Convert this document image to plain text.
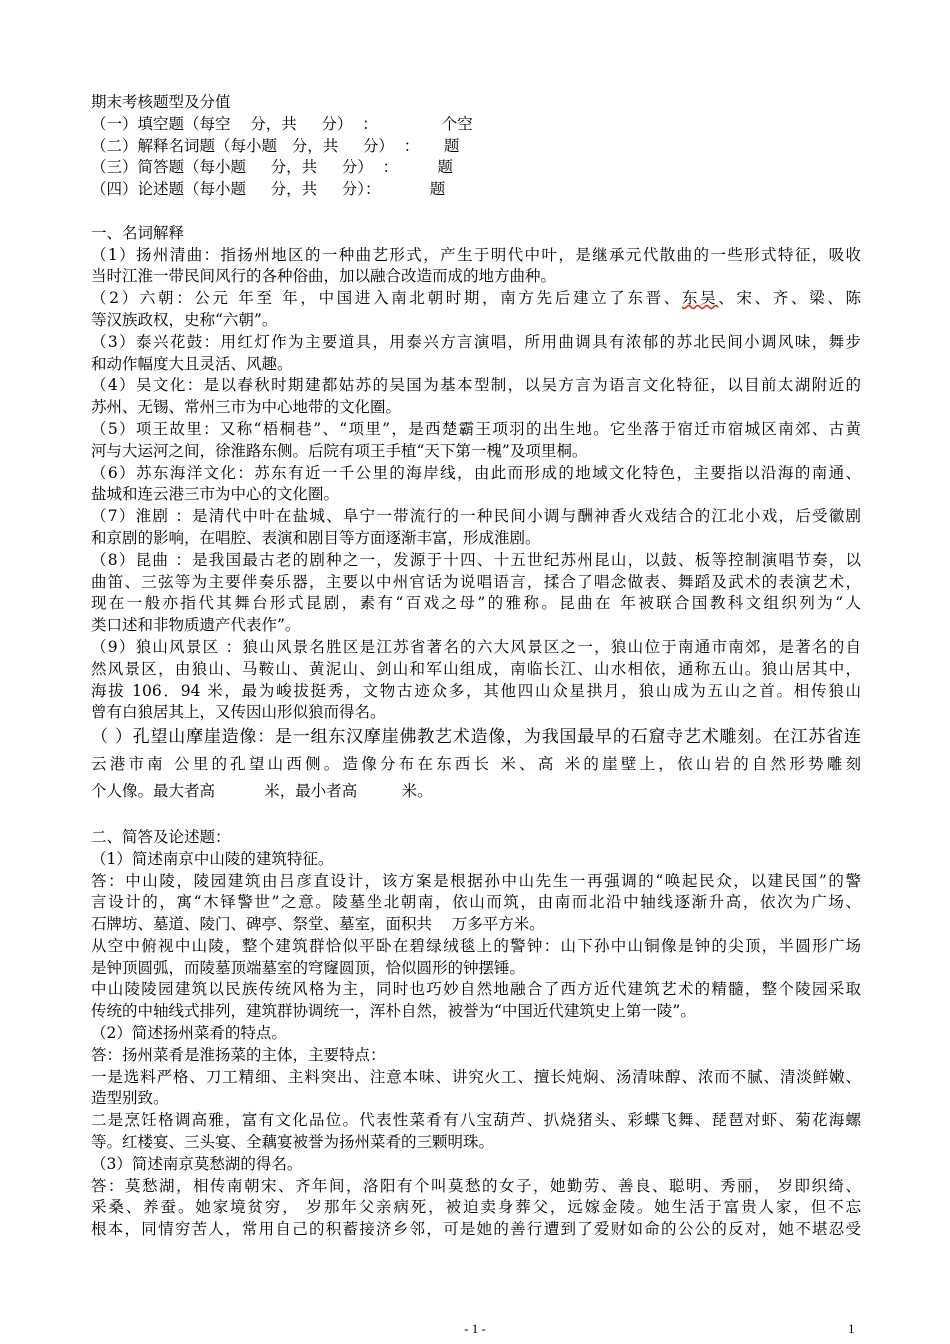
期末考核题型及分值
（一）填空题（每空    分，共     分）  ：             个空
（二）解释名词题（每小题   分，共     分）  ：     题
（三）简答题（每小题     分，共     分）  ：        题
（四）论述题（每小题     分，共     分）：          题
一、名词解释
（1）扬州清曲：指扬州地区的一种曲艺形式，产生于明代中叶，是继承元代散曲的一些形式特征，吸收
当时江淮一带民间风行的各种俗曲，加以融合改造而成的地方曲种。
（2）六朝：公元 年至 年，中国进入南北朝时期，南方先后建立了东晋、东吴、宋、齐、梁、陈
等汉族政权，史称“六朝”。
（3）泰兴花鼓：用红灯作为主要道具，用泰兴方言演唱，所用曲调具有浓郁的苏北民间小调风味，舞步
和动作幅度大且灵活、风趣。
（4）吴文化：是以春秋时期建都姑苏的吴国为基本型制，以吴方言为语言文化特征，以目前太湖附近的
苏州、无锡、常州三市为中心地带的文化圈。
（5）项王故里：又称“梧桐巷”、“项里”，是西楚霸王项羽的出生地。它坐落于宿迁市宿城区南郊、古黄
河与大运河之间，徐淮路东侧。后院有项王手植“天下第一槐”及项里桐。
（6）苏东海洋文化：苏东有近一千公里的海岸线，由此而形成的地域文化特色，主要指以沿海的南通、
盐城和连云港三市为中心的文化圈。
（7）淮剧 ：是清代中叶在盐城、阜宁一带流行的一种民间小调与酬神香火戏结合的江北小戏，后受徽剧
和京剧的影响，在唱腔、表演和剧目等方面逐渐丰富，形成淮剧。
（8）昆曲 ：是我国最古老的剧种之一，发源于十四、十五世纪苏州昆山，以鼓、板等控制演唱节奏，以
曲笛、三弦等为主要伴奏乐器，主要以中州官话为说唱语言，揉合了唱念做表、舞蹈及武术的表演艺术，
现在一般亦指代其舞台形式昆剧，素有“百戏之母”的雅称。昆曲在 年被联合国教科文组织列为“人
类口述和非物质遗产代表作”。
（9）狼山风景区 ：狼山风景名胜区是江苏省著名的六大风景区之一，狼山位于南通市南郊，是著名的自
然风景区，由狼山、马鞍山、黄泥山、剑山和军山组成，南临长江、山水相依，通称五山。狼山居其中，
海拔 106．94 米，最为峻拔挺秀，文物古迹众多，其他四山众星拱月，狼山成为五山之首。相传狼山
曾有白狼居其上，又传因山形似狼而得名。
（ ）孔望山摩崖造像：是一组东汉摩崖佛教艺术造像，为我国最早的石窟寺艺术雕刻。在江苏省连
云港市南 公里的孔望山西侧。造像分布在东西长 米、高 米的崖壁上，依山岩的自然形势雕刻
个人像。最大者高          米，最小者高         米。
二、简答及论述题：
（1）简述南京中山陵的建筑特征。
答：中山陵，陵园建筑由吕彦直设计，该方案是根据孙中山先生一再强调的“唤起民众，以建民国”的警
言设计的，寓“木铎警世”之意。陵墓坐北朝南，依山而筑，由南而北沿中轴线逐渐升高，依次为广场、
石牌坊、墓道、陵门、碑亭、祭堂、墓室，面积共    万多平方米。
从空中俯视中山陵，整个建筑群恰似平卧在碧绿绒毯上的警钟：山下孙中山铜像是钟的尖顶，半圆形广场
是钟顶圆弧，而陵墓顶端墓室的穹窿圆顶，恰似圆形的钟摆锤。
中山陵陵园建筑以民族传统风格为主，同时也巧妙自然地融合了西方近代建筑艺术的精髓，整个陵园采取
传统的中轴线式排列，建筑群协调统一，浑朴自然，被誉为“中国近代建筑史上第一陵”。
（2）简述扬州菜肴的特点。
答：扬州菜肴是淮扬菜的主体，主要特点：
一是选料严格、刀工精细、主料突出、注意本味、讲究火工、擅长炖焖、汤清味醇、浓而不腻、清淡鲜嫩、
造型别致。
二是烹饪格调高雅，富有文化品位。代表性菜肴有八宝葫芦、扒烧猪头、彩蝶飞舞、琵琶对虾、菊花海螺
等。红楼宴、三头宴、全藕宴被誉为扬州菜肴的三颗明珠。
（3）简述南京莫愁湖的得名。
答：莫愁湖，相传南朝宋、齐年间，洛阳有个叫莫愁的女子，她勤劳、善良、聪明、秀丽， 岁即织绮、
采桑、养蚕。她家境贫穷， 岁那年父亲病死，被迫卖身葬父，远嫁金陵。她生活于富贵人家，但不忘
根本，同情穷苦人，常用自己的积蓄接济乡邻，可是她的善行遭到了爱财如命的公公的反对，她不堪忍受
- 1 -	1
